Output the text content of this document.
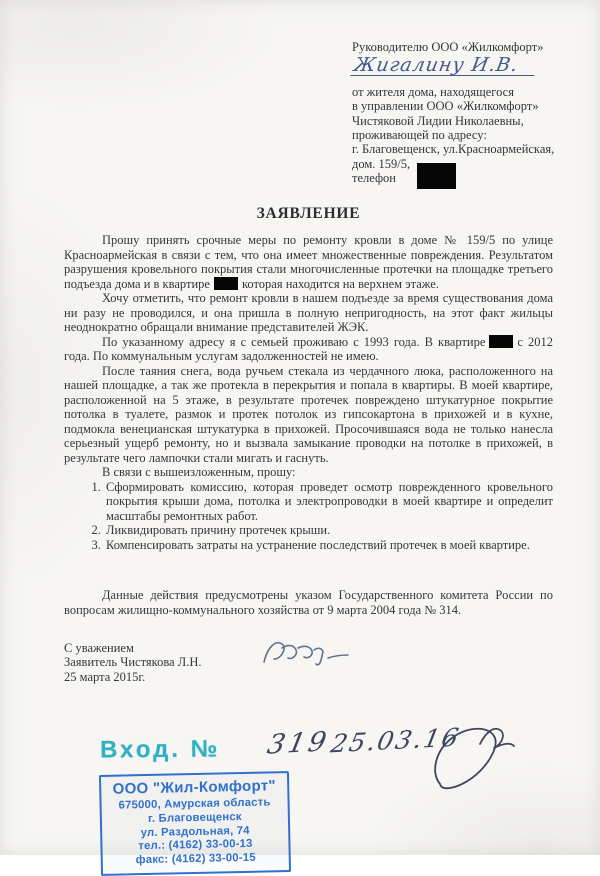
Руководителю ООО «Жилкомфорт»
Жигалину И.В.
от жителя дома, находящегося
в управлении ООО «Жилкомфорт»
Чистяковой Лидии Николаевны,
проживающей по адресу:
г. Благовещенск, ул.Красноармейская,
дом. 159/5,
телефон
ЗАЯВЛЕНИЕ

Прошу принять срочные меры по ремонту кровли в доме № 159/5 по улице Красноармейская в связи с тем, что она имеет множественные повреждения. Результатом разрушения кровельного покрытия стали многочисленные протечки на площадке третьего подъезда дома и в квартире	которая находится на верхнем этаже.

Хочу отметить, что ремонт кровли в нашем подъезде за время существования дома ни разу не проводился, и она пришла в полную непригодность, на этот факт жильцы неоднократно обращали внимание представителей ЖЭК.

По указанному адресу я с семьей проживаю с 1993 года. В квартире	с 2012 года. По коммунальным услугам задолженностей не имею.

После таяния снега, вода ручьем стекала из чердачного люка, расположенного на нашей площадке, а так же протекла в перекрытия и попала в квартиры. В моей квартире, расположенной на 5 этаже, в результате протечек повреждено штукатурное покрытие потолка в туалете, размок и протек потолок из гипсокартона в прихожей и в кухне, подмокла венецианская штукатурка в прихожей. Просочившаяся вода не только нанесла серьезный ущерб ремонту, но и вызвала замыкание проводки на потолке в прихожей, в результате чего лампочки стали мигать и гаснуть.

В связи с вышеизложенным, прошу:

1. Сформировать комиссию, которая проведет осмотр поврежденного кровельного покрытия крыши дома, потолка и электропроводки в моей квартире и определит масштабы ремонтных работ.
2. Ликвидировать причину протечек крыши.
3. Компенсировать затраты на устранение последствий протечек в моей квартире.

Данные действия предусмотрены указом Государственного комитета России по вопросам жилищно-коммунального хозяйства от 9 марта 2004 года № 314.

С уважением
Заявитель Чистякова Л.Н.
25 марта 2015г.
Вход. № 319
25.03.16
ООО "Жил-Комфорт"
675000, Амурская область
г. Благовещенск
ул. Раздольная, 74
тел.: (4162) 33-00-13
факс: (4162) 33-00-15
